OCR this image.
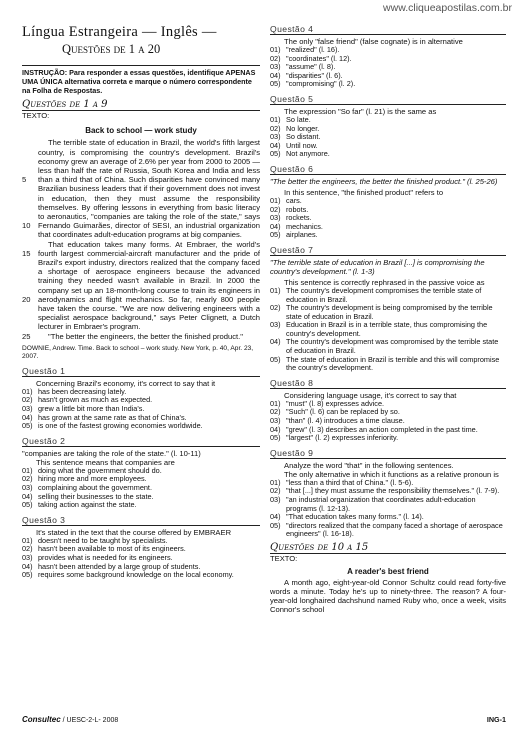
www.cliqueapostilas.com.br
Língua Estrangeira — Inglês —
Questões de 1 a 20
INSTRUÇÃO: Para responder a essas questões, identifique APENAS UMA ÚNICA alternativa correta e marque o número correspondente na Folha de Respostas.
Questões de 1 a 9
TEXTO:
Back to school — work study
5
10
The terrible state of education in Brazil, the world's fifth largest country, is compromising the country's development. Brazil's economy grew an average of 2.6% per year from 2000 to 2005 — less than half the rate of Russia, South Korea and India and less than a third that of China. Such disparities have convinced many Brazilian business leaders that if their government does not invest in education, then they must assume the responsibility themselves. By offering lessons in everything from basic literacy to aeronautics, "companies are taking the role of the state," says Fernando Guimarães, director of SESI, an industrial organization that coordinates adult-education programs at big companies.
15
20
That education takes many forms. At Embraer, the world's fourth largest commercial-aircraft manufacturer and the pride of Brazil's export industry, directors realized that the company faced a shortage of aerospace engineers because the advanced training they needed wasn't available in Brazil. In 2000 the company set up an 18-month-long course to train its engineers in aerodynamics and flight mechanics. So far, nearly 800 people have taken the course. "We are now delivering engineers with a specialist aerospace background," says Peter Clignett, a Dutch lecturer in Embraer's program.
25 "The better the engineers, the better the finished product."
DOWNIE, Andrew. Time. Back to school – work study. New York, p. 40, Apr. 23, 2007.
Questão 1
Concerning Brazil's economy, it's correct to say that it
01) has been decreasing lately.
02) hasn't grown as much as expected.
03) grew a little bit more than India's.
04) has grown at the same rate as that of China's.
05) is one of the fastest growing economies worldwide.
Questão 2
"companies are taking the role of the state." (l. 10-11)
This sentence means that companies are
01) doing what the government should do.
02) hiring more and more employees.
03) complaining about the government.
04) selling their businesses to the state.
05) taking action against the state.
Questão 3
It's stated in the text that the course offered by EMBRAER
01) doesn't need to be taught by specialists.
02) hasn't been available to most of its engineers.
03) provides what is needed for its engineers.
04) hasn't been attended by a large group of students.
05) requires some background knowledge on the local economy.
Questão 4
The only "false friend" (false cognate) is in alternative
01) "realized" (l. 16).
02) "coordinates" (l. 12).
03) "assume" (l. 8).
04) "disparities" (l. 6).
05) "compromising" (l. 2).
Questão 5
The expression "So far" (l. 21) is the same as
01) So late.
02) No longer.
03) So distant.
04) Until now.
05) Not anymore.
Questão 6
"The better the engineers, the better the finished product." (l. 25-26)
In this sentence, "the finished product" refers to
01) cars.
02) robots.
03) rockets.
04) mechanics.
05) airplanes.
Questão 7
"The terrible state of education in Brazil [...] is compromising the country's development." (l. 1-3)
This sentence is correctly rephrased in the passive voice as
01) The country's development compromises the terrible state of education in Brazil.
02) The country's development is being compromised by the terrible state of education in Brazil.
03) Education in Brazil is in a terrible state, thus compromising the country's development.
04) The country's development was compromised by the terrible state of education in Brazil.
05) The state of education in Brazil is terrible and this will compromise the country's development.
Questão 8
Considering language usage, it's correct to say that
01) "must" (l. 8) expresses advice.
02) "Such" (l. 6) can be replaced by so.
03) "than" (l. 4) introduces a time clause.
04) "grew" (l. 3) describes an action completed in the past time.
05) "largest" (l. 2) expresses inferiority.
Questão 9
Analyze the word "that" in the following sentences.
The only alternative in which it functions as a relative pronoun is
01) "less than a third that of China." (l. 5-6).
02) "that [...] they must assume the responsibility themselves." (l. 7-9).
03) "an industrial organization that coordinates adult-education programs (l. 12-13).
04) "That education takes many forms." (l. 14).
05) "directors realized that the company faced a shortage of aerospace engineers" (l. 16-18).
Questões de 10 a 15
TEXTO:
A reader's best friend
A month ago, eight-year-old Connor Schultz could read forty-five words a minute. Today he's up to ninety-three. The reason? A four-year-old longhaired dachshund named Ruby who, once a week, visits Connor's school
Consultec / UESC-2-L- 2008	ING-1
